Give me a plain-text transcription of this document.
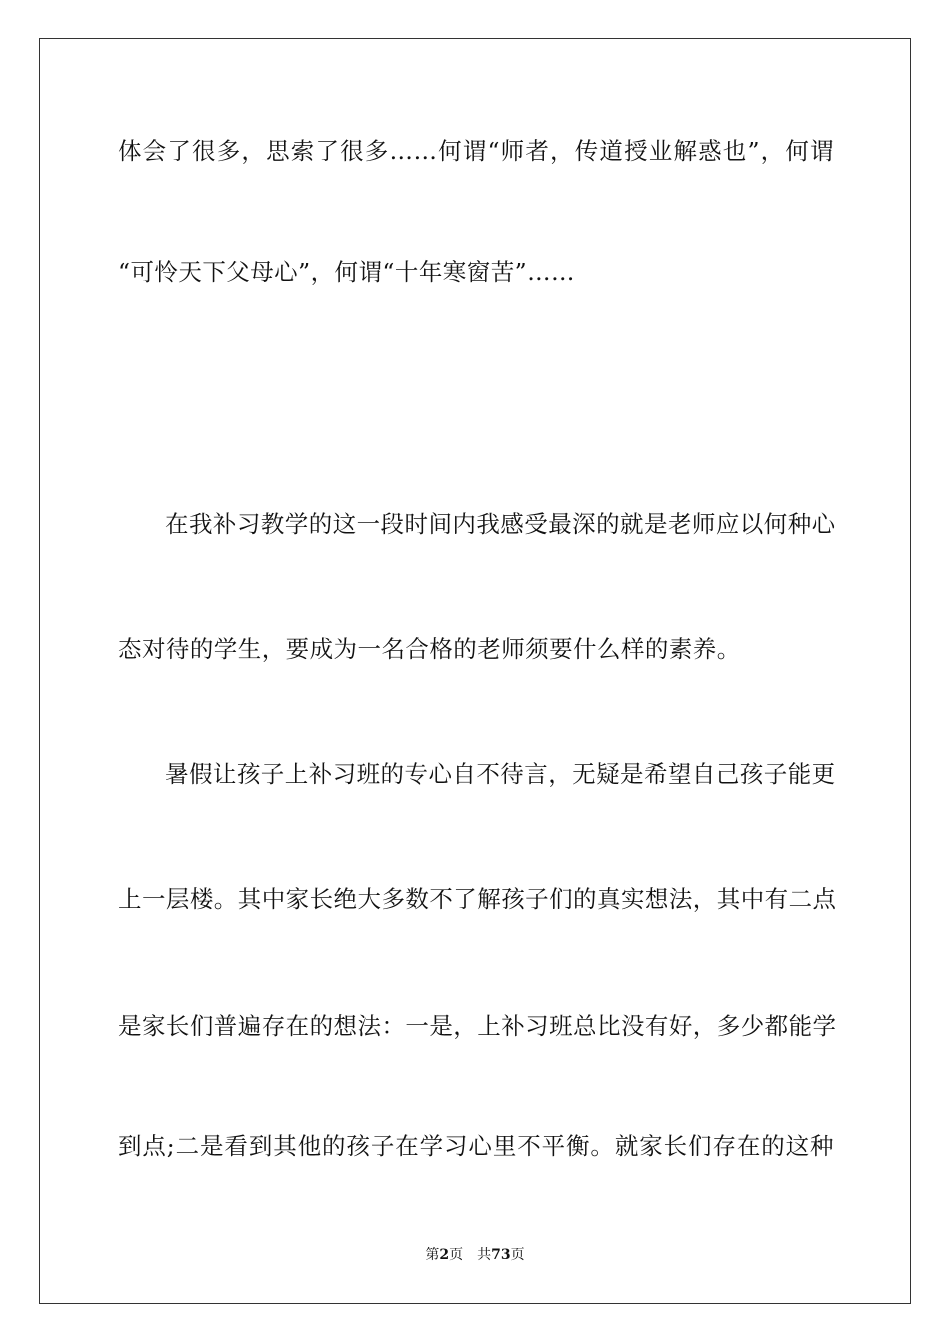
体会了很多，思索了很多……何谓“师者，传道授业解惑也”，何谓
“可怜天下父母心”，何谓“十年寒窗苦”……
在我补习教学的这一段时间内我感受最深的就是老师应以何种心
态对待的学生，要成为一名合格的老师须要什么样的素养。
暑假让孩子上补习班的专心自不待言，无疑是希望自己孩子能更
上一层楼。其中家长绝大多数不了解孩子们的真实想法，其中有二点
是家长们普遍存在的想法：一是，上补习班总比没有好，多少都能学
到点;二是看到其他的孩子在学习心里不平衡。就家长们存在的这种
第2页 共73页
